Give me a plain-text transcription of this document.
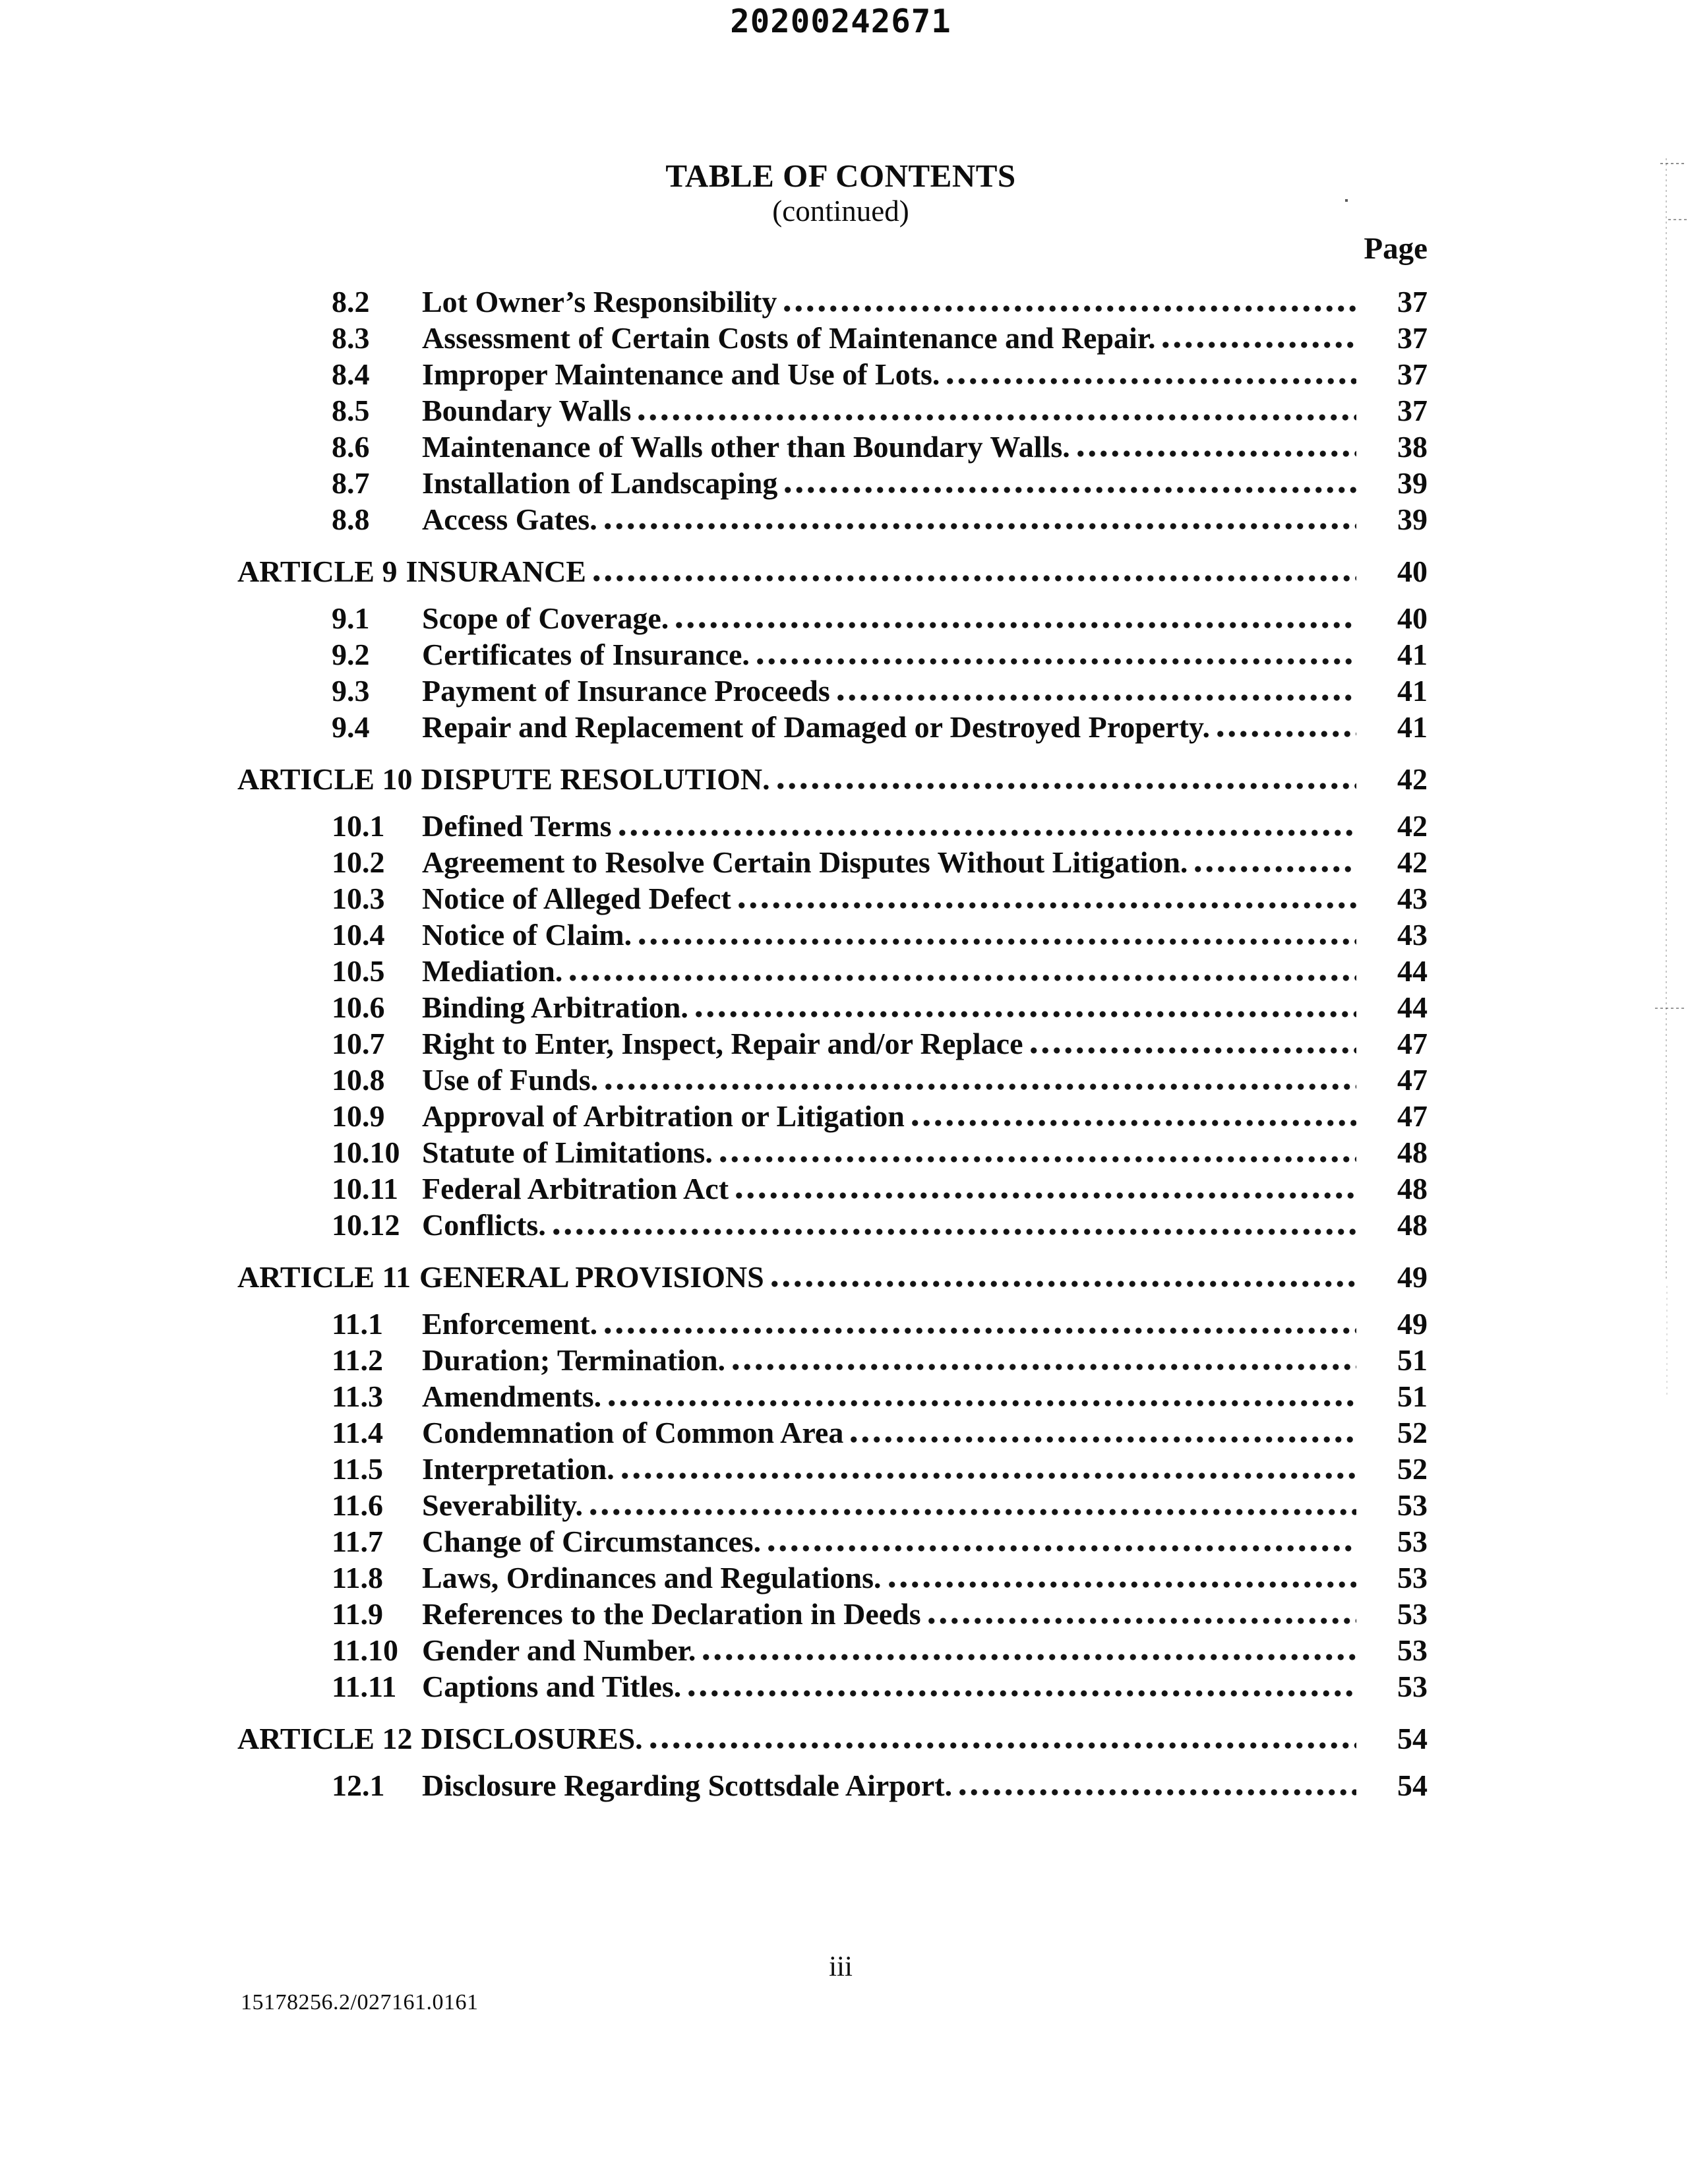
20200242671
TABLE OF CONTENTS
(continued)
Page
8.2	Lot Owner’s Responsibility	37
8.3	Assessment of Certain Costs of Maintenance and Repair.	37
8.4	Improper Maintenance and Use of Lots.	37
8.5	Boundary Walls	37
8.6	Maintenance of Walls other than Boundary Walls.	38
8.7	Installation of Landscaping	39
8.8	Access Gates.	39
ARTICLE 9 INSURANCE	40
9.1	Scope of Coverage.	40
9.2	Certificates of Insurance.	41
9.3	Payment of Insurance Proceeds	41
9.4	Repair and Replacement of Damaged or Destroyed Property.	41
ARTICLE 10 DISPUTE RESOLUTION.	42
10.1	Defined Terms	42
10.2	Agreement to Resolve Certain Disputes Without Litigation.	42
10.3	Notice of Alleged Defect	43
10.4	Notice of Claim.	43
10.5	Mediation.	44
10.6	Binding Arbitration.	44
10.7	Right to Enter, Inspect, Repair and/or Replace	47
10.8	Use of Funds.	47
10.9	Approval of Arbitration or Litigation	47
10.10 Statute of Limitations.	48
10.11 Federal Arbitration Act	48
10.12 Conflicts.	48
ARTICLE 11 GENERAL PROVISIONS	49
11.1	Enforcement.	49
11.2	Duration; Termination.	51
11.3	Amendments.	51
11.4	Condemnation of Common Area	52
11.5	Interpretation.	52
11.6	Severability.	53
11.7	Change of Circumstances.	53
11.8	Laws, Ordinances and Regulations.	53
11.9	References to the Declaration in Deeds	53
11.10 Gender and Number.	53
11.11 Captions and Titles.	53
ARTICLE 12 DISCLOSURES.	54
12.1	Disclosure Regarding Scottsdale Airport.	54
iii
15178256.2/027161.0161
